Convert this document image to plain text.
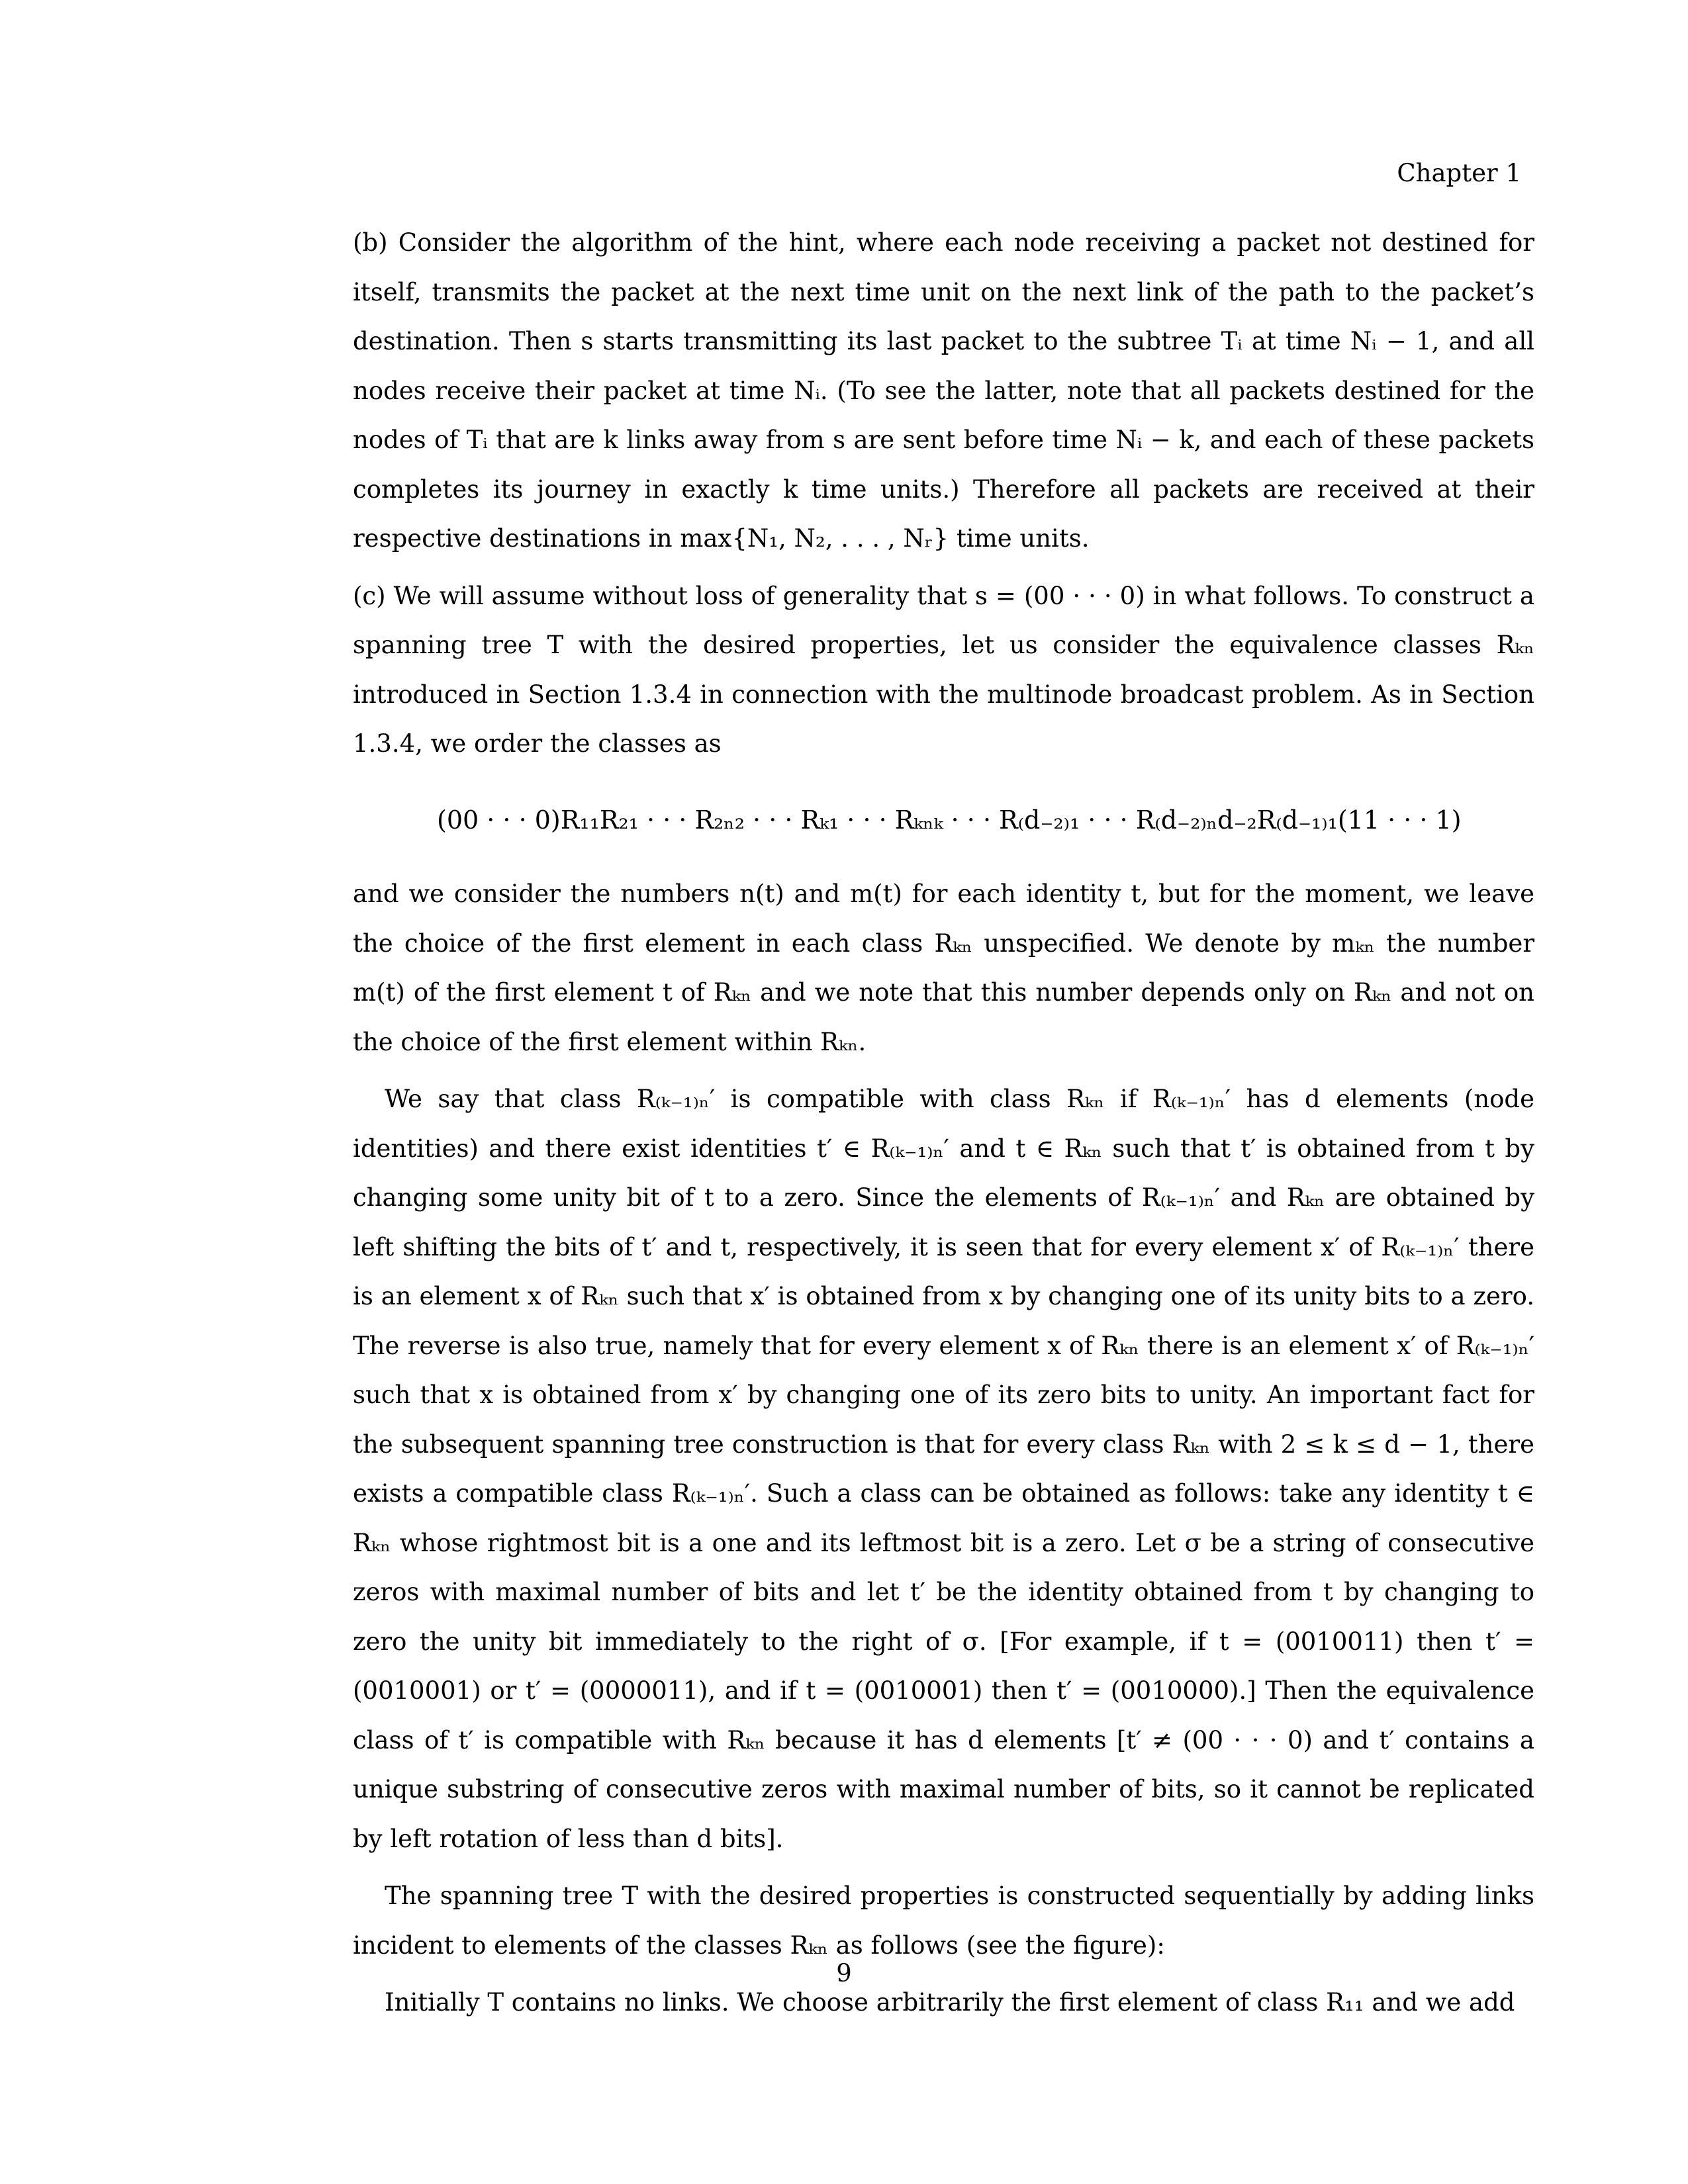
Chapter 1

(b) Consider the algorithm of the hint, where each node receiving a packet not destined for itself, transmits the packet at the next time unit on the next link of the path to the packet’s destination. Then s starts transmitting its last packet to the subtree Tᵢ at time Nᵢ − 1, and all nodes receive their packet at time Nᵢ. (To see the latter, note that all packets destined for the nodes of Tᵢ that are k links away from s are sent before time Nᵢ − k, and each of these packets completes its journey in exactly k time units.) Therefore all packets are received at their respective destinations in max{N₁, N₂, . . . , Nᵣ} time units.

(c) We will assume without loss of generality that s = (00 · · · 0) in what follows. To construct a spanning tree T with the desired properties, let us consider the equivalence classes Rₖₙ introduced in Section 1.3.4 in connection with the multinode broadcast problem. As in Section 1.3.4, we order the classes as

(00 · · · 0)R₁₁R₂₁ · · · R₂ₙ₂ · · · Rₖ₁ · · · Rₖₙₖ · · · R₍d₋₂₎₁ · · · R₍d₋₂₎ₙd₋₂R₍d₋₁₎₁(11 · · · 1)

and we consider the numbers n(t) and m(t) for each identity t, but for the moment, we leave the choice of the first element in each class Rₖₙ unspecified. We denote by mₖₙ the number m(t) of the first element t of Rₖₙ and we note that this number depends only on Rₖₙ and not on the choice of the first element within Rₖₙ.

We say that class R₍ₖ₋₁₎ₙ′ is compatible with class Rₖₙ if R₍ₖ₋₁₎ₙ′ has d elements (node identities) and there exist identities t′ ∈ R₍ₖ₋₁₎ₙ′ and t ∈ Rₖₙ such that t′ is obtained from t by changing some unity bit of t to a zero. Since the elements of R₍ₖ₋₁₎ₙ′ and Rₖₙ are obtained by left shifting the bits of t′ and t, respectively, it is seen that for every element x′ of R₍ₖ₋₁₎ₙ′ there is an element x of Rₖₙ such that x′ is obtained from x by changing one of its unity bits to a zero. The reverse is also true, namely that for every element x of Rₖₙ there is an element x′ of R₍ₖ₋₁₎ₙ′ such that x is obtained from x′ by changing one of its zero bits to unity. An important fact for the subsequent spanning tree construction is that for every class Rₖₙ with 2 ≤ k ≤ d − 1, there exists a compatible class R₍ₖ₋₁₎ₙ′. Such a class can be obtained as follows: take any identity t ∈ Rₖₙ whose rightmost bit is a one and its leftmost bit is a zero. Let σ be a string of consecutive zeros with maximal number of bits and let t′ be the identity obtained from t by changing to zero the unity bit immediately to the right of σ. [For example, if t = (0010011) then t′ = (0010001) or t′ = (0000011), and if t = (0010001) then t′ = (0010000).] Then the equivalence class of t′ is compatible with Rₖₙ because it has d elements [t′ ≠ (00 · · · 0) and t′ contains a unique substring of consecutive zeros with maximal number of bits, so it cannot be replicated by left rotation of less than d bits].

The spanning tree T with the desired properties is constructed sequentially by adding links incident to elements of the classes Rₖₙ as follows (see the figure):

Initially T contains no links. We choose arbitrarily the first element of class R₁₁ and we add

9
